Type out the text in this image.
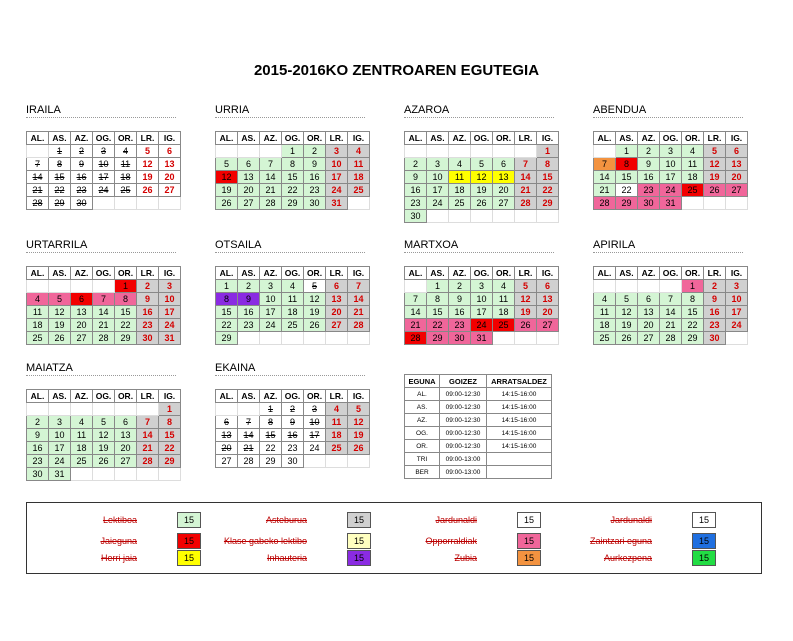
2015-2016KO ZENTROAREN EGUTEGIA
IRAILA
AL.	AS.	AZ.	OG.	OR.	LR.	IG.
	1	2	3	4	5	6
7	8	9	10	11	12	13
14	15	16	17	18	19	20
21	22	23	24	25	26	27
28	29	30				
URRIA
AL.	AS.	AZ.	OG.	OR.	LR.	IG.
			1	2	3	4
5	6	7	8	9	10	11
12	13	14	15	16	17	18
19	20	21	22	23	24	25
26	27	28	29	30	31	
AZAROA
AL.	AS.	AZ.	OG.	OR.	LR.	IG.
						1
2	3	4	5	6	7	8
9	10	11	12	13	14	15
16	17	18	19	20	21	22
23	24	25	26	27	28	29
30						
ABENDUA
AL.	AS.	AZ.	OG.	OR.	LR.	IG.
	1	2	3	4	5	6
7	8	9	10	11	12	13
14	15	16	17	18	19	20
21	22	23	24	25	26	27
28	29	30	31			
URTARRILA
AL.	AS.	AZ.	OG.	OR.	LR.	IG.
				1	2	3
4	5	6	7	8	9	10
11	12	13	14	15	16	17
18	19	20	21	22	23	24
25	26	27	28	29	30	31
OTSAILA
AL.	AS.	AZ.	OG.	OR.	LR.	IG.
1	2	3	4	5	6	7
8	9	10	11	12	13	14
15	16	17	18	19	20	21
22	23	24	25	26	27	28
29						
MARTXOA
AL.	AS.	AZ.	OG.	OR.	LR.	IG.
	1	2	3	4	5	6
7	8	9	10	11	12	13
14	15	16	17	18	19	20
21	22	23	24	25	26	27
28	29	30	31			
APIRILA
AL.	AS.	AZ.	OG.	OR.	LR.	IG.
				1	2	3
4	5	6	7	8	9	10
11	12	13	14	15	16	17
18	19	20	21	22	23	24
25	26	27	28	29	30	
MAIATZA
AL.	AS.	AZ.	OG.	OR.	LR.	IG.
						1
2	3	4	5	6	7	8
9	10	11	12	13	14	15
16	17	18	19	20	21	22
23	24	25	26	27	28	29
30	31					
EKAINA
AL.	AS.	AZ.	OG.	OR.	LR.	IG.
		1	2	3	4	5
6	7	8	9	10	11	12
13	14	15	16	17	18	19
20	21	22	23	24	25	26
27	28	29	30			
EGUNA	GOIZEZ	ARRATSALDEZ
AL.	09:00-12:30	14:15-16:00
AS.	09:00-12:30	14:15-16:00
AZ.	09:00-12:30	14:15-16:00
OG.	09:00-12:30	14:15-16:00
OR.	09:00-12:30	14:15-16:00
TRI	09:00-13:00	
BER	09:00-13:00	
Lektiboa	15	Asteburua	15	Jardunaldi	15	Jardunaldi	15
Jaieguna	15	Klase gabeko lektibo	15	Opporraldiak	15	Zaintzari eguna	15
Herri jaia	15	Inhauteria	15	Zubia	15	Aurkezpena	15
